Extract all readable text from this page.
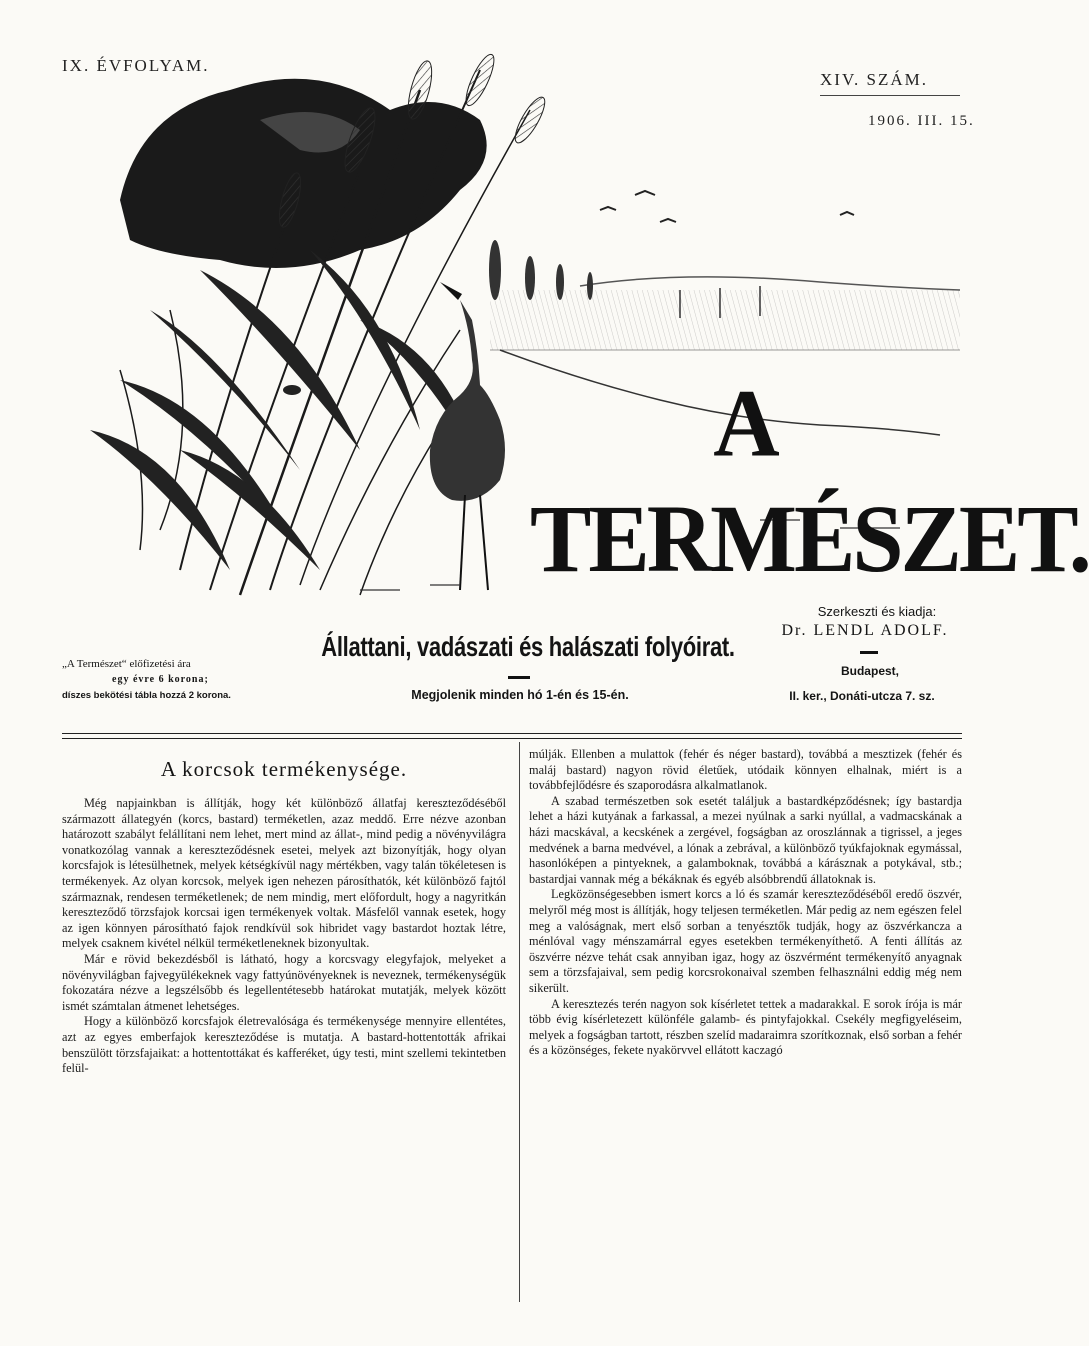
IX. ÉVFOLYAM.
XIV. SZÁM.
1906. III. 15.
A TERMÉSZET.
Állattani, vadászati és halászati folyóirat.
Megjolenik minden hó 1-én és 15-én.
„A Természet“ előfizetési ára
egy évre 6 korona;
díszes bekötési tábla hozzá 2 korona.
Szerkeszti és kiadja:
Dr. LENDL ADOLF.
Budapest,
II. ker., Donáti-utcza 7. sz.
A korcsok termékenysége.

Még napjainkban is állítják, hogy két különböző állatfaj kereszteződéséből származott állategyén (korcs, bastard) terméketlen, azaz meddő. Erre nézve azonban határozott szabályt felállítani nem lehet, mert mind az állat-, mind pedig a növényvilágra vonatkozólag vannak a kereszteződésnek esetei, melyek azt bizonyítják, hogy olyan korcsfajok is létesülhetnek, melyek kétségkívül nagy mértékben, vagy talán tökéletesen is termékenyek. Az olyan korcsok, melyek igen nehezen párosíthatók, két különböző fajtól származnak, rendesen terméketlenek; de nem mindig, mert előfordult, hogy a nagyritkán kereszteződő törzsfajok korcsai igen termékenyek voltak. Másfelől vannak esetek, hogy az igen könnyen párosítható fajok rendkívül sok hibridet vagy bastardot hoztak létre, melyek csaknem kivétel nélkül terméketleneknek bizonyultak.

Már e rövid bekezdésből is látható, hogy a korcsvagy elegyfajok, melyeket a növényvilágban fajvegyülékeknek vagy fattyúnövényeknek is neveznek, termékenységük fokozatára nézve a legszélsőbb és legellentétesebb határokat mutatják, melyek között ismét számtalan átmenet lehetséges.

Hogy a különböző korcsfajok életrevalósága és termékenysége mennyire ellentétes, azt az egyes emberfajok kereszteződése is mutatja. A bastard-hottentották afrikai benszülött törzsfajaikat: a hottentottákat és kafferéket, úgy testi, mint szellemi tekintetben felül-

múlják. Ellenben a mulattok (fehér és néger bastard), továbbá a mesztizek (fehér és maláj bastard) nagyon rövid életűek, utódaik könnyen elhalnak, miért is a továbbfejlődésre és szaporodásra alkalmatlanok.

A szabad természetben sok esetét találjuk a bastardképződésnek; így bastardja lehet a házi kutyának a farkassal, a mezei nyúlnak a sarki nyúllal, a vadmacskának a házi macskával, a kecskének a zergével, fogságban az oroszlánnak a tigrissel, a jeges medvének a barna medvével, a lónak a zebrával, a különböző tyúkfajoknak egymással, hasonlóképen a pintyeknek, a galamboknak, továbbá a kárásznak a potykával, stb.; bastardjai vannak még a békáknak és egyéb alsóbbrendű állatoknak is.

Legközönségesebben ismert korcs a ló és szamár kereszteződéséből eredő öszvér, melyről még most is állítják, hogy teljesen terméketlen. Már pedig az nem egészen felel meg a valóságnak, mert első sorban a tenyésztők tudják, hogy az öszvérkancza a ménlóval vagy ménszamárral egyes esetekben termékenyíthető. A fenti állítás az öszvérre nézve tehát csak annyiban igaz, hogy az öszvérmént termékenyítő anyagnak sem a törzsfajaival, sem pedig korcsrokonaival szemben felhasználni eddig még nem sikerült.

A keresztezés terén nagyon sok kísérletet tettek a madarakkal. E sorok írója is már több évig kísérletezett különféle galamb- és pintyfajokkal. Csekély megfigyeléseim, melyek a fogságban tartott, részben szelíd madaraimra szorítkoznak, első sorban a fehér és a közönséges, fekete nyakörvvel ellátott kaczagó
